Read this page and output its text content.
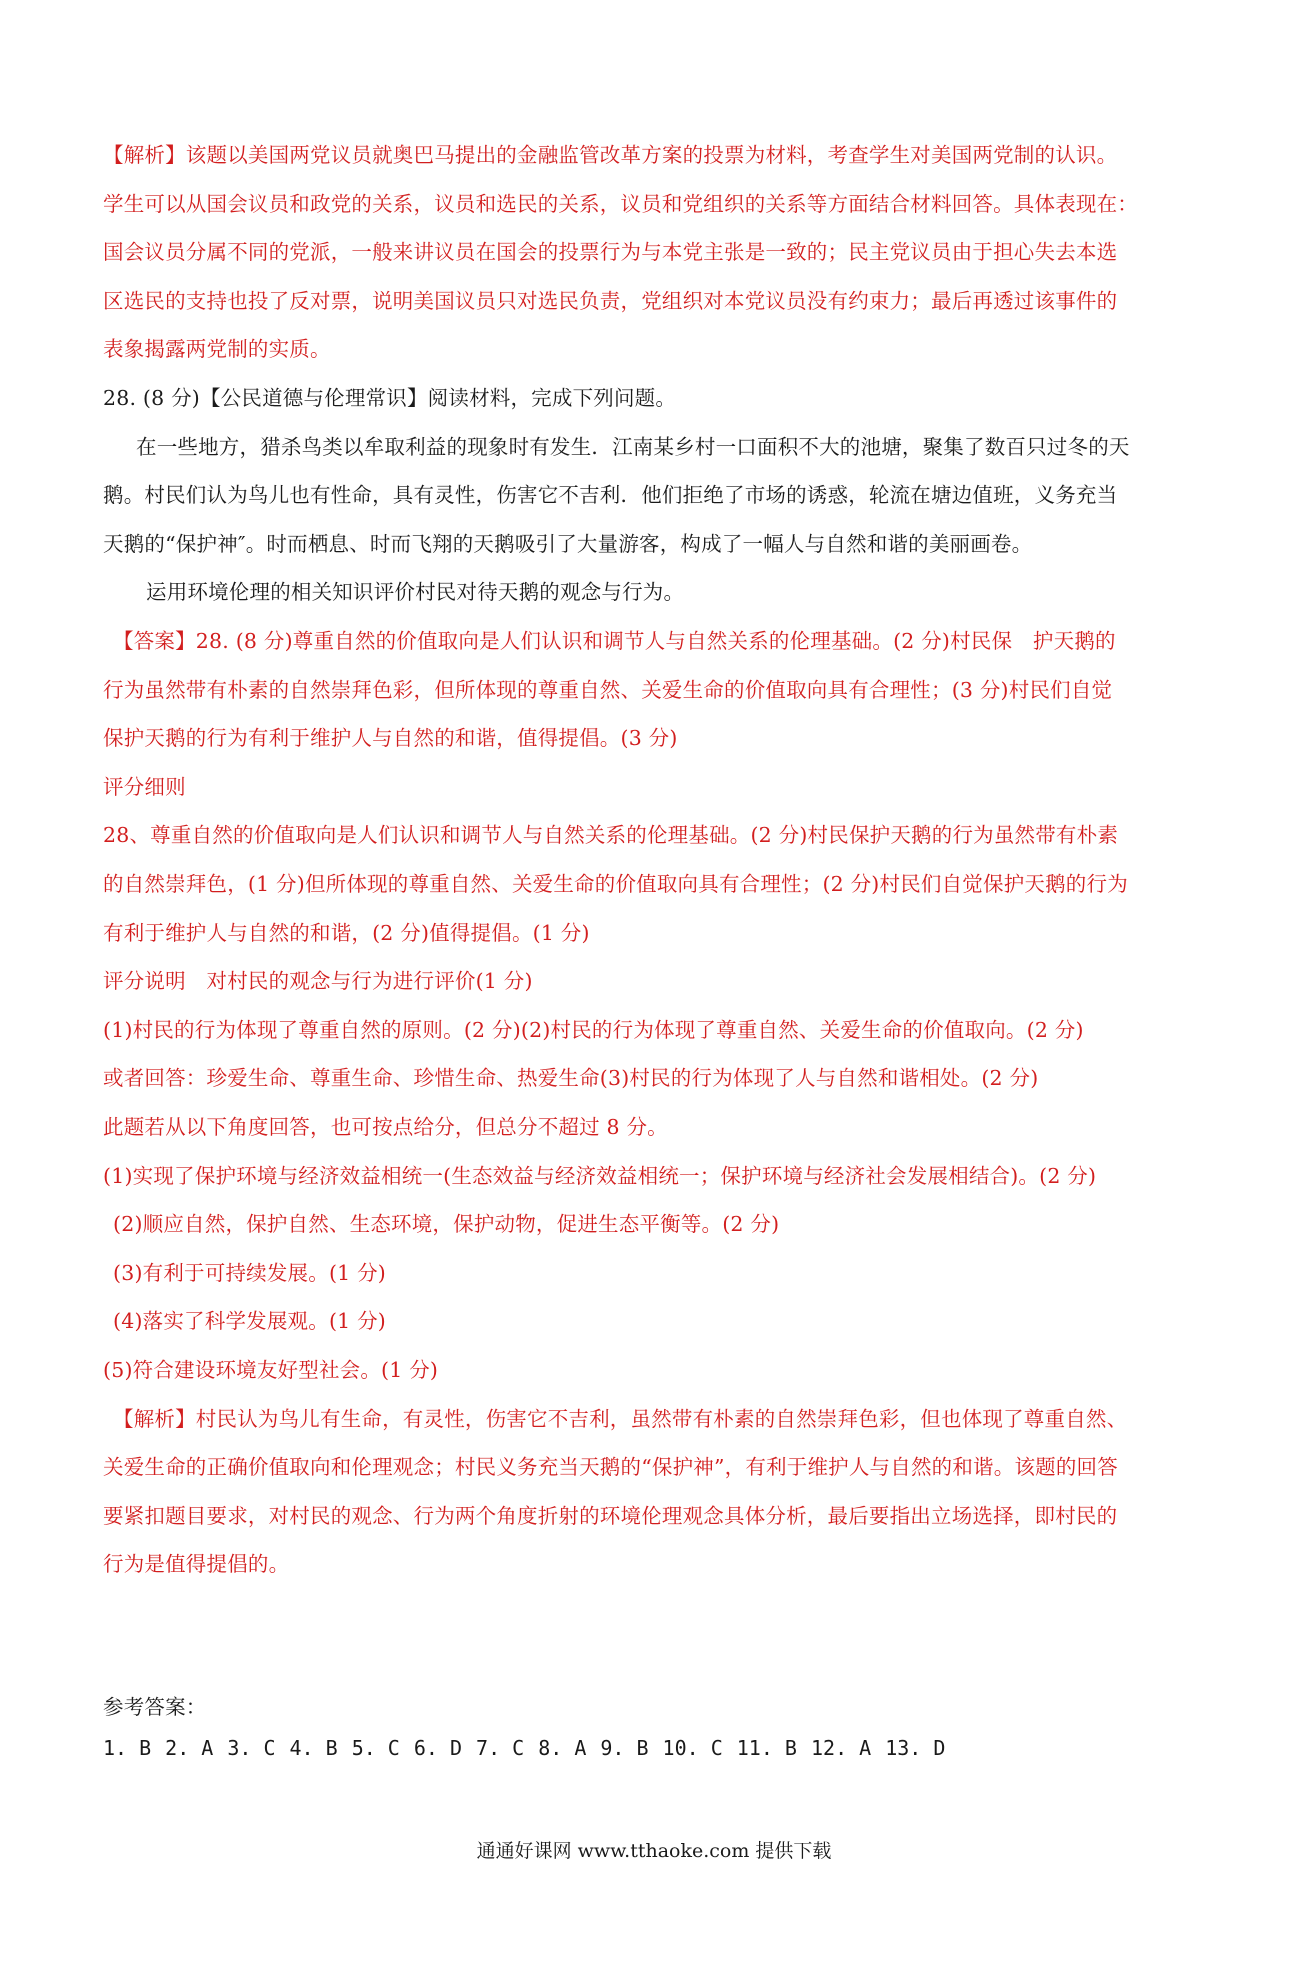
【解析】该题以美国两党议员就奥巴马提出的金融监管改革方案的投票为材料，考查学生对美国两党制的认识。
学生可以从国会议员和政党的关系，议员和选民的关系，议员和党组织的关系等方面结合材料回答。具体表现在：
国会议员分属不同的党派，一般来讲议员在国会的投票行为与本党主张是一致的；民主党议员由于担心失去本选
区选民的支持也投了反对票，说明美国议员只对选民负责，党组织对本党议员没有约束力；最后再透过该事件的
表象揭露两党制的实质。
28. (8 分)【公民道德与伦理常识】阅读材料，完成下列问题。
在一些地方，猎杀鸟类以牟取利益的现象时有发生．江南某乡村一口面积不大的池塘，聚集了数百只过冬的天
鹅。村民们认为鸟儿也有性命，具有灵性，伤害它不吉利．他们拒绝了市场的诱惑，轮流在塘边值班，义务充当
天鹅的“保护神″。时而栖息、时而飞翔的天鹅吸引了大量游客，构成了一幅人与自然和谐的美丽画卷。
运用环境伦理的相关知识评价村民对待天鹅的观念与行为。
【答案】28. (8 分)尊重自然的价值取向是人们认识和调节人与自然关系的伦理基础。(2 分)村民保　护天鹅的
行为虽然带有朴素的自然崇拜色彩，但所体现的尊重自然、关爱生命的价值取向具有合理性；(3 分)村民们自觉
保护天鹅的行为有利于维护人与自然的和谐，值得提倡。(3 分)
评分细则
28、尊重自然的价值取向是人们认识和调节人与自然关系的伦理基础。(2 分)村民保护天鹅的行为虽然带有朴素
的自然崇拜色，(1 分)但所体现的尊重自然、关爱生命的价值取向具有合理性；(2 分)村民们自觉保护天鹅的行为
有利于维护人与自然的和谐，(2 分)值得提倡。(1 分)
评分说明　对村民的观念与行为进行评价(1 分)
(1)村民的行为体现了尊重自然的原则。(2 分)(2)村民的行为体现了尊重自然、关爱生命的价值取向。(2 分)
或者回答：珍爱生命、尊重生命、珍惜生命、热爱生命(3)村民的行为体现了人与自然和谐相处。(2 分)
此题若从以下角度回答，也可按点给分，但总分不超过 8 分。
(1)实现了保护环境与经济效益相统一(生态效益与经济效益相统一；保护环境与经济社会发展相结合)。(2 分)
(2)顺应自然，保护自然、生态环境，保护动物，促进生态平衡等。(2 分)
(3)有利于可持续发展。(1 分)
(4)落实了科学发展观。(1 分)
(5)符合建设环境友好型社会。(1 分)
【解析】村民认为鸟儿有生命，有灵性，伤害它不吉利，虽然带有朴素的自然崇拜色彩，但也体现了尊重自然、
关爱生命的正确价值取向和伦理观念；村民义务充当天鹅的“保护神”，有利于维护人与自然的和谐。该题的回答
要紧扣题目要求，对村民的观念、行为两个角度折射的环境伦理观念具体分析，最后要指出立场选择，即村民的
行为是值得提倡的。
参考答案：
1. B 2. A 3. C 4. B 5. C 6. D 7. C 8. A 9. B 10. C 11. B 12. A 13. D
通通好课网 www.tthaoke.com 提供下载
